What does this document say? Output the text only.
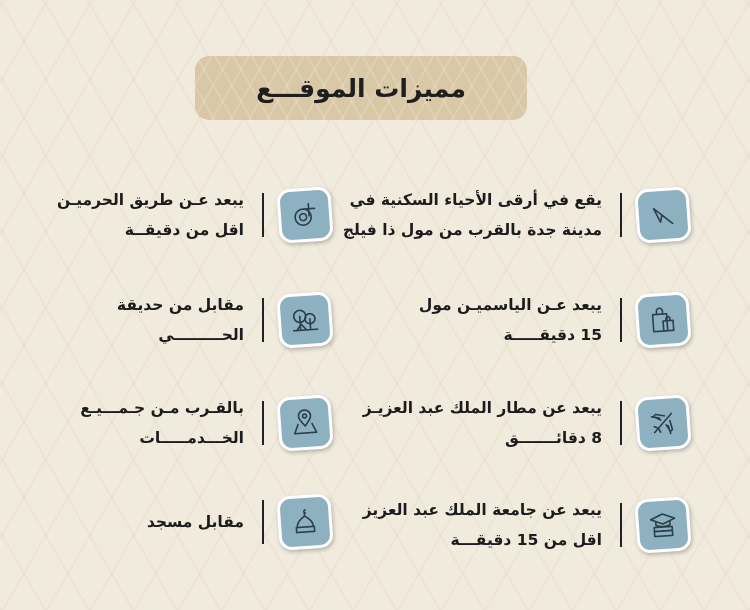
مميزات الموقـــع
يقع في أرقى الأحياء السكنية في
مدينة جدة بالقرب من مول ذا فيلج
يبعد عـن الياسميـن مول
15 دقيقـــــة
يبعد عن مطار الملك عبد العزيـز
8 دقائـــــــق
يبعد عن جامعة الملك عبد العزيز
اقل من 15 دقيقـــة
يبعد عـن طريق الحرميـن
اقل من دقيقــة
مقابل من حديقة
الحـــــــــي
بالقـرب مـن جـمـــيـع
الخـــدمـــــات
مقابل مسجد
